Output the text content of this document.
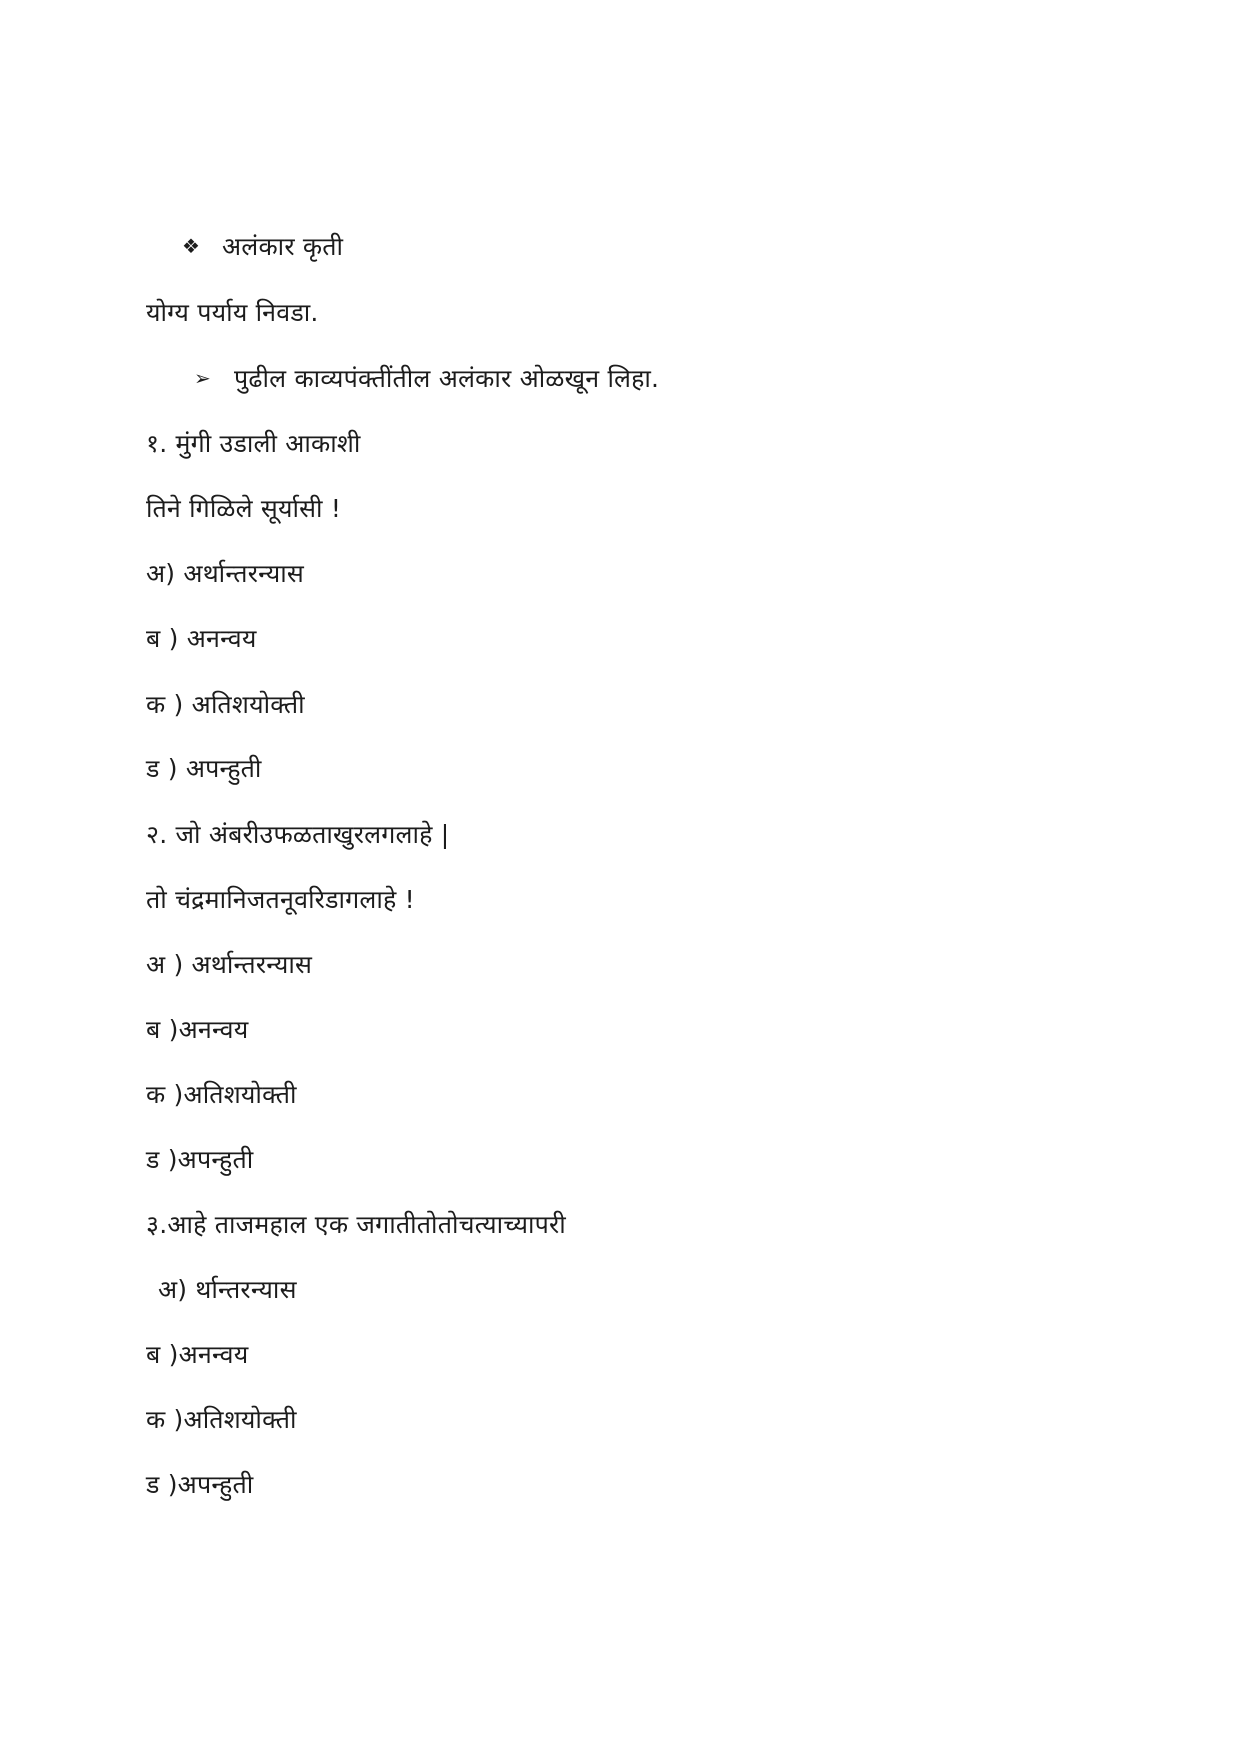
❖ अलंकार कृती
योग्य पर्याय निवडा.
➢ पुढील काव्यपंक्तींतील अलंकार ओळखून लिहा.
१. मुंगी उडाली आकाशी
तिने गिळिले सूर्यासी !
अ) अर्थान्तरन्यास
ब ) अनन्वय
क ) अतिशयोक्ती
ड ) अपन्हुती
२. जो अंबरीउफळताखुरलगलाहे |
तो चंद्रमानिजतनूवरिडागलाहे !
अ ) अर्थान्तरन्यास
ब )अनन्वय
क )अतिशयोक्ती
ड )अपन्हुती
३.आहे ताजमहाल एक जगातीतोतोचत्याच्यापरी
अ) र्थान्तरन्यास
ब )अनन्वय
क )अतिशयोक्ती
ड )अपन्हुती
